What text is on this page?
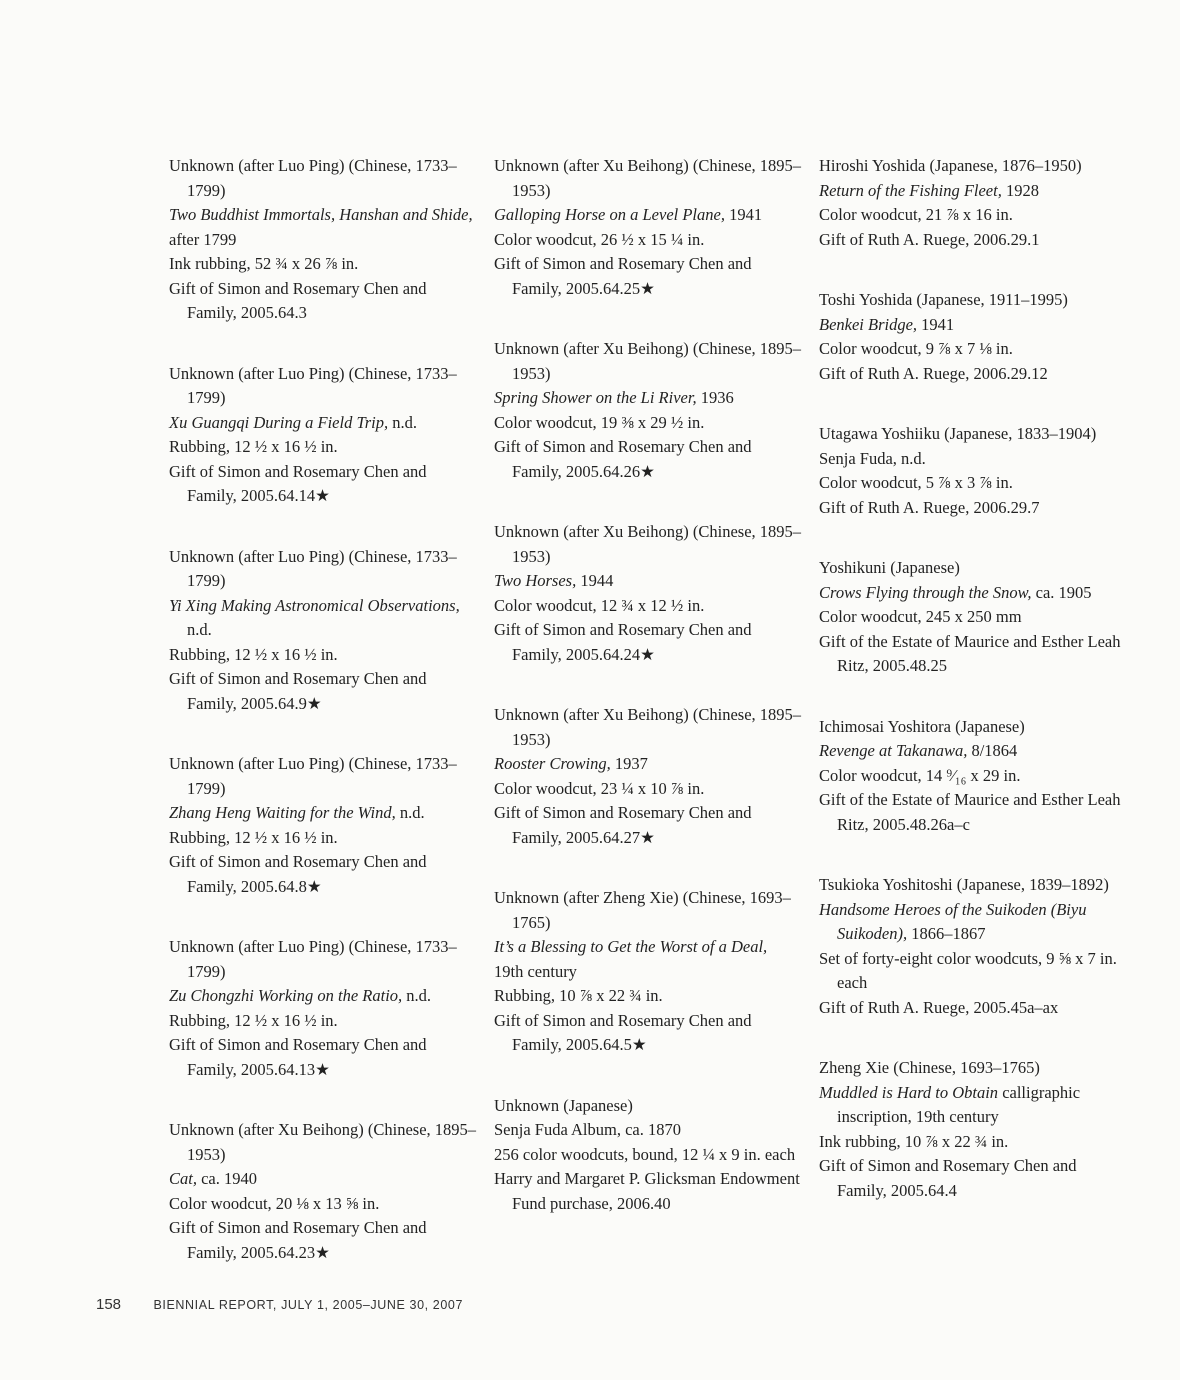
Unknown (after Luo Ping) (Chinese, 1733–1799)
Two Buddhist Immortals, Hanshan and Shide,
after 1799
Ink rubbing, 52 ¾ x 26 ⅞ in.
Gift of Simon and Rosemary Chen and Family, 2005.64.3
Unknown (after Luo Ping) (Chinese, 1733–1799)
Xu Guangqi During a Field Trip, n.d.
Rubbing, 12 ½ x 16 ½ in.
Gift of Simon and Rosemary Chen and Family, 2005.64.14★
Unknown (after Luo Ping) (Chinese, 1733–1799)
Yi Xing Making Astronomical Observations, n.d.
Rubbing, 12 ½ x 16 ½ in.
Gift of Simon and Rosemary Chen and Family, 2005.64.9★
Unknown (after Luo Ping) (Chinese, 1733–1799)
Zhang Heng Waiting for the Wind, n.d.
Rubbing, 12 ½ x 16 ½ in.
Gift of Simon and Rosemary Chen and Family, 2005.64.8★
Unknown (after Luo Ping) (Chinese, 1733–1799)
Zu Chongzhi Working on the Ratio, n.d.
Rubbing, 12 ½ x 16 ½ in.
Gift of Simon and Rosemary Chen and Family, 2005.64.13★
Unknown (after Xu Beihong) (Chinese, 1895–1953)
Cat, ca. 1940
Color woodcut, 20 ⅛ x 13 ⅝ in.
Gift of Simon and Rosemary Chen and Family, 2005.64.23★
Unknown (after Xu Beihong) (Chinese, 1895–1953)
Galloping Horse on a Level Plane, 1941
Color woodcut, 26 ½ x 15 ¼ in.
Gift of Simon and Rosemary Chen and Family, 2005.64.25★
Unknown (after Xu Beihong) (Chinese, 1895–1953)
Spring Shower on the Li River, 1936
Color woodcut, 19 ⅜ x 29 ½ in.
Gift of Simon and Rosemary Chen and Family, 2005.64.26★
Unknown (after Xu Beihong) (Chinese, 1895–1953)
Two Horses, 1944
Color woodcut, 12 ¾ x 12 ½ in.
Gift of Simon and Rosemary Chen and Family, 2005.64.24★
Unknown (after Xu Beihong) (Chinese, 1895–1953)
Rooster Crowing, 1937
Color woodcut, 23 ¼ x 10 ⅞ in.
Gift of Simon and Rosemary Chen and Family, 2005.64.27★
Unknown (after Zheng Xie) (Chinese, 1693–1765)
It’s a Blessing to Get the Worst of a Deal,
19th century
Rubbing, 10 ⅞ x 22 ¾ in.
Gift of Simon and Rosemary Chen and Family, 2005.64.5★
Unknown (Japanese)
Senja Fuda Album, ca. 1870
256 color woodcuts, bound, 12 ¼ x 9 in. each
Harry and Margaret P. Glicksman Endowment Fund purchase, 2006.40
Hiroshi Yoshida (Japanese, 1876–1950)
Return of the Fishing Fleet, 1928
Color woodcut, 21 ⅞ x 16 in.
Gift of Ruth A. Ruege, 2006.29.1
Toshi Yoshida (Japanese, 1911–1995)
Benkei Bridge, 1941
Color woodcut, 9 ⅞ x 7 ⅛ in.
Gift of Ruth A. Ruege, 2006.29.12
Utagawa Yoshiiku (Japanese, 1833–1904)
Senja Fuda, n.d.
Color woodcut, 5 ⅞ x 3 ⅞ in.
Gift of Ruth A. Ruege, 2006.29.7
Yoshikuni (Japanese)
Crows Flying through the Snow, ca. 1905
Color woodcut, 245 x 250 mm
Gift of the Estate of Maurice and Esther Leah Ritz, 2005.48.25
Ichimosai Yoshitora (Japanese)
Revenge at Takanawa, 8/1864
Color woodcut, 14 ⁹⁄₁₆ x 29 in.
Gift of the Estate of Maurice and Esther Leah Ritz, 2005.48.26a–c
Tsukioka Yoshitoshi (Japanese, 1839–1892)
Handsome Heroes of the Suikoden (Biyu Suikoden), 1866–1867
Set of forty-eight color woodcuts, 9 ⅝ x 7 in. each
Gift of Ruth A. Ruege, 2005.45a–ax
Zheng Xie (Chinese, 1693–1765)
Muddled is Hard to Obtain calligraphic inscription, 19th century
Ink rubbing, 10 ⅞ x 22 ¾ in.
Gift of Simon and Rosemary Chen and Family, 2005.64.4
158	BIENNIAL REPORT, JULY 1, 2005–JUNE 30, 2007
